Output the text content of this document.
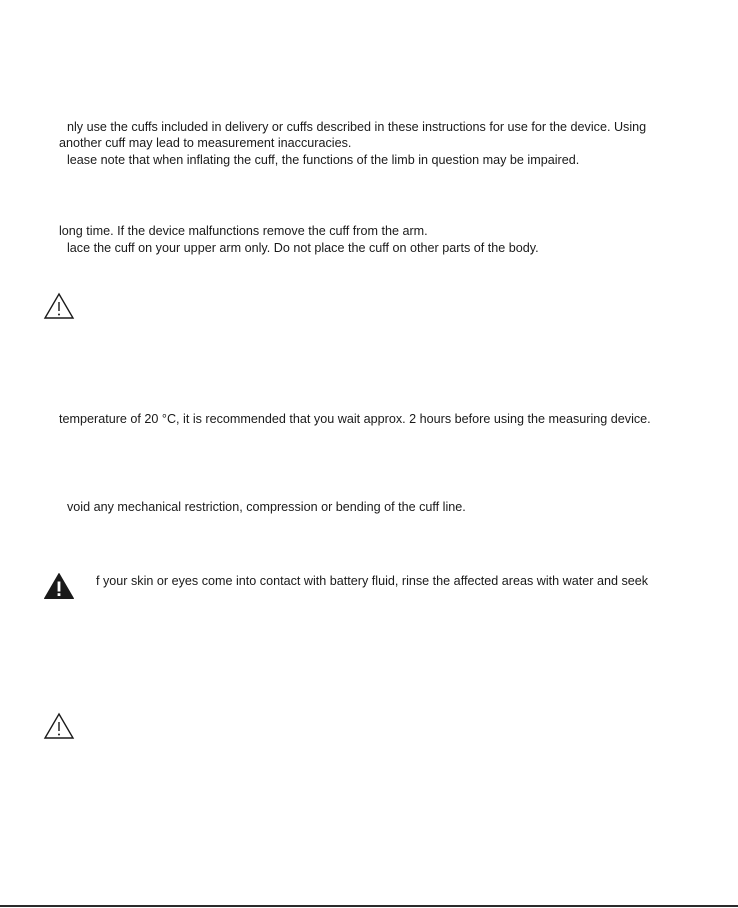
nly use the cuffs included in delivery or cuffs described in these instructions for use for the device. Using
another cuff may lead to measurement inaccuracies.
lease note that when inflating the cuff, the functions of the limb in question may be impaired.
long time. If the device malfunctions remove the cuff from the arm.
lace the cuff on your upper arm only. Do not place the cuff on other parts of the body.
temperature of 20 °C, it is recommended that you wait approx. 2 hours before using the measuring device.
void any mechanical restriction, compression or bending of the cuff line.
f your skin or eyes come into contact with battery fluid, rinse the affected areas with water and seek
